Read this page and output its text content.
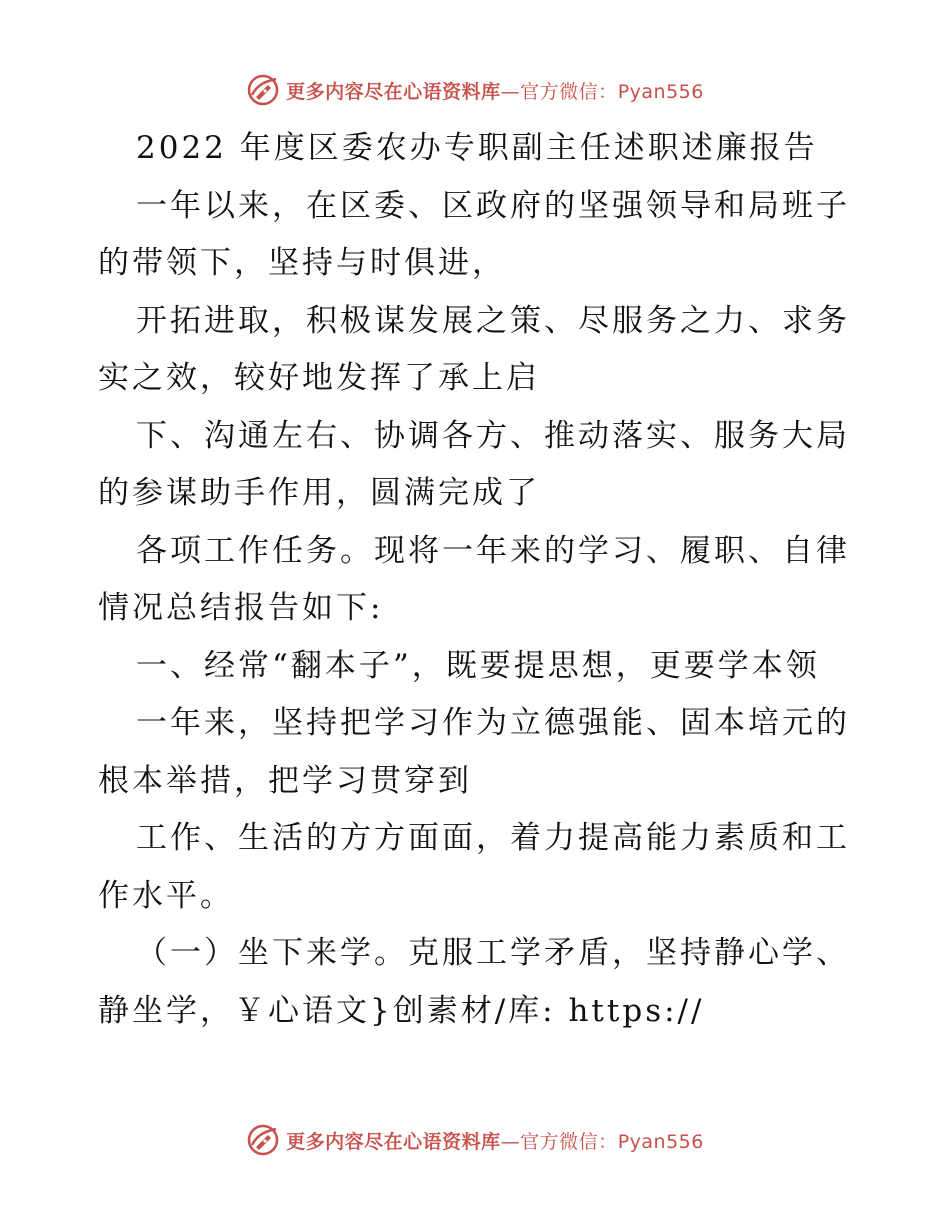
更多内容尽在心语资料库—官方微信：Pyan556
2022 年度区委农办专职副主任述职述廉报告
一年以来，在区委、区政府的坚强领导和局班子
的带领下，坚持与时俱进，
开拓进取，积极谋发展之策、尽服务之力、求务
实之效，较好地发挥了承上启
下、沟通左右、协调各方、推动落实、服务大局
的参谋助手作用，圆满完成了
各项工作任务。现将一年来的学习、履职、自律
情况总结报告如下:
一、经常“翻本子”，既要提思想，更要学本领
一年来，坚持把学习作为立德强能、固本培元的
根本举措，把学习贯穿到
工作、生活的方方面面，着力提高能力素质和工
作水平。
（一）坐下来学。克服工学矛盾，坚持静心学、
静坐学，￥心语文}创素材/库: https://
更多内容尽在心语资料库—官方微信：Pyan556
